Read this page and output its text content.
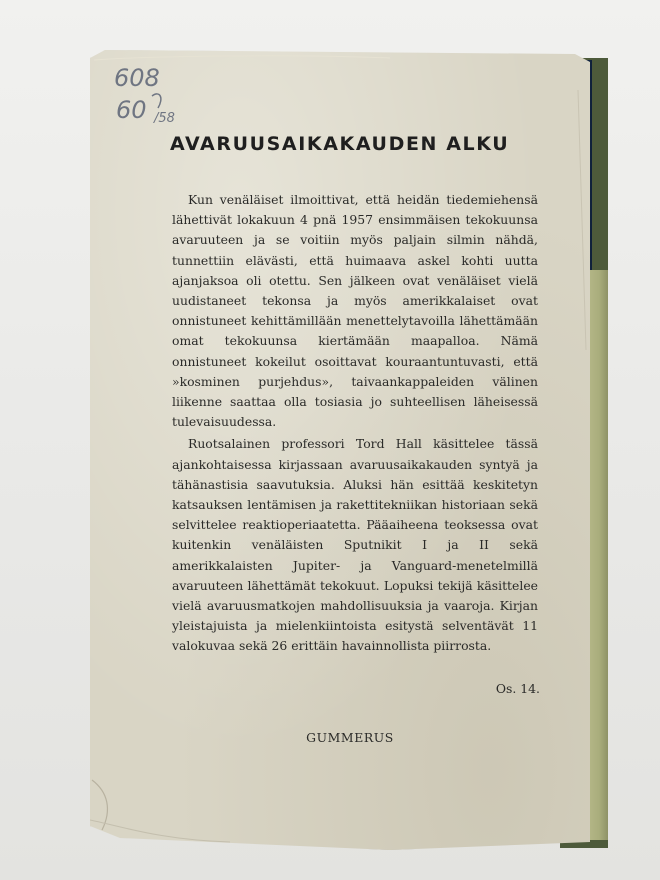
608
60 /58
AVARUUSAIKAKAUDEN ALKU

Kun venäläiset ilmoittivat, että heidän tiedemiehensä lähettivät lokakuun 4 pnä 1957 ensimmäisen tekokuunsa avaruuteen ja se voitiin myös paljain silmin nähdä, tunnettiin elävästi, että huimaava askel kohti uutta ajanjaksoa oli otettu. Sen jälkeen ovat venäläiset vielä uudistaneet tekonsa ja myös amerikkalaiset ovat onnistuneet kehittämillään menettelytavoilla lähettämään omat tekokuunsa kiertämään maapalloa. Nämä onnistuneet kokeilut osoittavat kouraantuntuvasti, että »kosminen purjehdus», taivaankappaleiden välinen liikenne saattaa olla tosiasia jo suhteellisen läheisessä tulevaisuudessa.

Ruotsalainen professori Tord Hall käsittelee tässä ajankohtaisessa kirjassaan avaruusaikakauden syntyä ja tähänastisia saavutuksia. Aluksi hän esittää keskitetyn katsauksen lentämisen ja rakettitekniikan historiaan sekä selvittelee reaktioperiaatetta. Pääaiheena teoksessa ovat kuitenkin venäläisten Sputnikit I ja II sekä amerikkalaisten Jupiter- ja Vanguard-menetelmillä avaruuteen lähettämät tekokuut. Lopuksi tekijä käsittelee vielä avaruusmatkojen mahdollisuuksia ja vaaroja. Kirjan yleistajuista ja mielenkiintoista esitystä selventävät 11 valokuvaa sekä 26 erittäin havainnollista piirrosta.

Os. 14.
GUMMERUS
